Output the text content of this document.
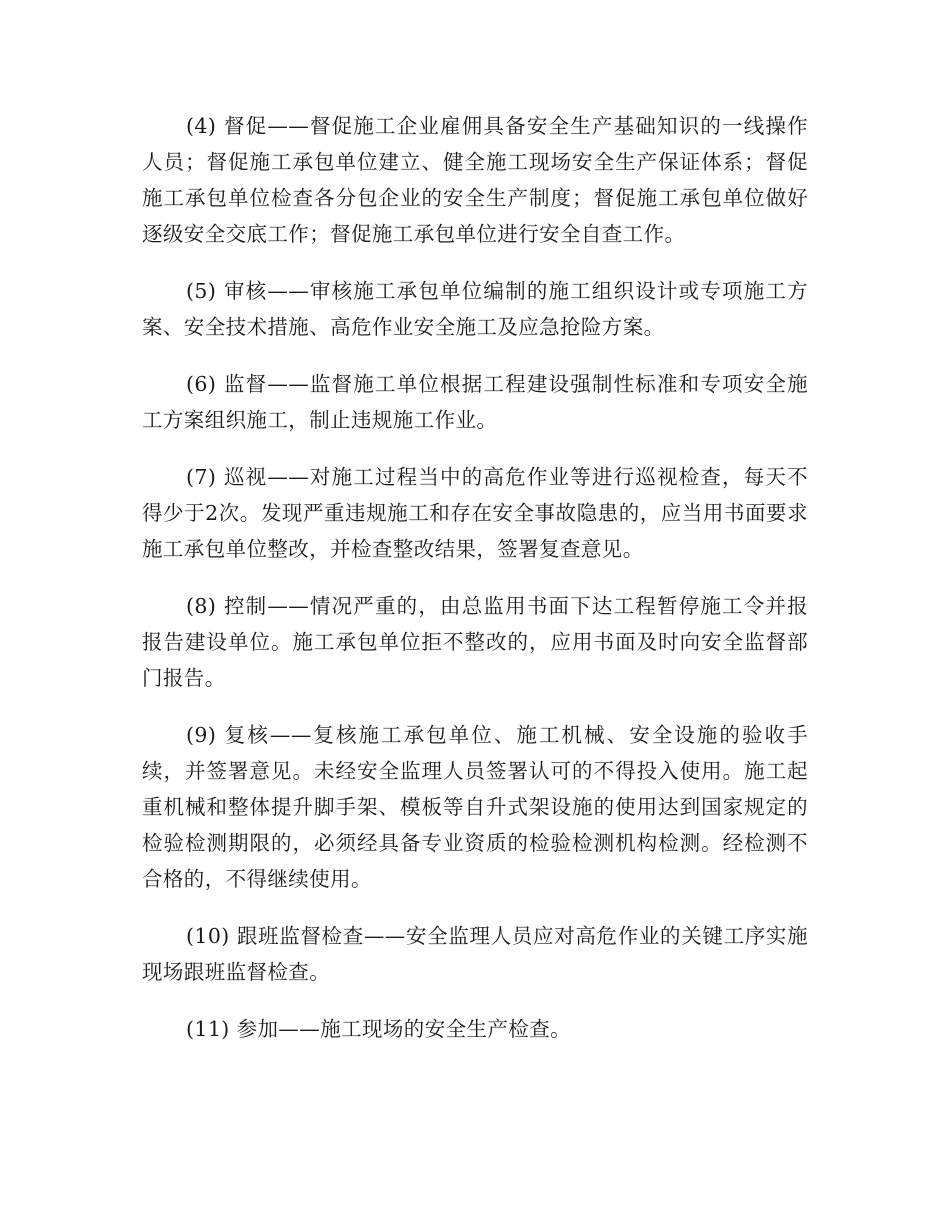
(4) 督促——督促施工企业雇佣具备安全生产基础知识的一线操作人员；督促施工承包单位建立、健全施工现场安全生产保证体系；督促施工承包单位检查各分包企业的安全生产制度；督促施工承包单位做好逐级安全交底工作；督促施工承包单位进行安全自查工作。

(5) 审核——审核施工承包单位编制的施工组织设计或专项施工方案、安全技术措施、高危作业安全施工及应急抢险方案。

(6) 监督——监督施工单位根据工程建设强制性标准和专项安全施工方案组织施工，制止违规施工作业。

(7) 巡视——对施工过程当中的高危作业等进行巡视检查，每天不得少于2次。发现严重违规施工和存在安全事故隐患的，应当用书面要求施工承包单位整改，并检查整改结果，签署复查意见。

(8) 控制——情况严重的，由总监用书面下达工程暂停施工令并报报告建设单位。施工承包单位拒不整改的，应用书面及时向安全监督部门报告。

(9) 复核——复核施工承包单位、施工机械、安全设施的验收手续，并签署意见。未经安全监理人员签署认可的不得投入使用。施工起重机械和整体提升脚手架、模板等自升式架设施的使用达到国家规定的检验检测期限的，必须经具备专业资质的检验检测机构检测。经检测不合格的，不得继续使用。

(10) 跟班监督检查——安全监理人员应对高危作业的关键工序实施现场跟班监督检查。

(11) 参加——施工现场的安全生产检查。
